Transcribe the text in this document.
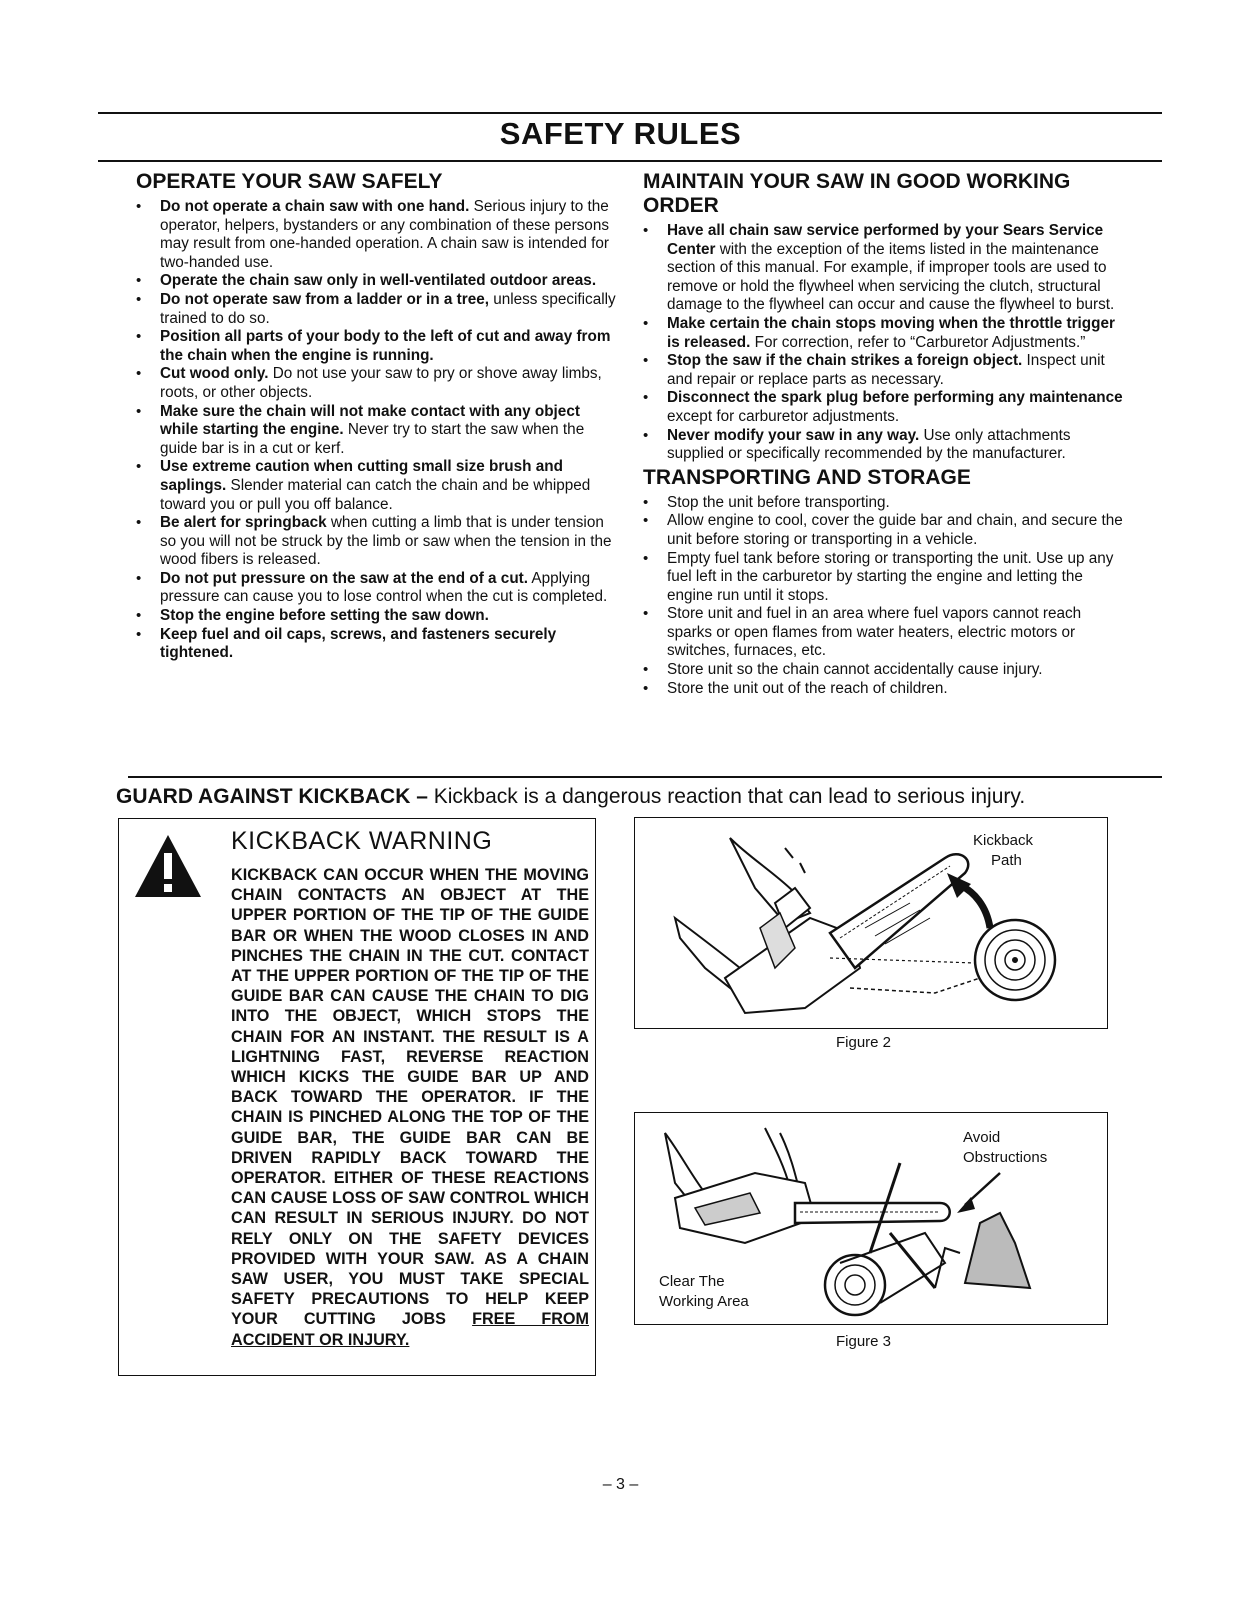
SAFETY RULES
OPERATE YOUR SAW SAFELY
• Do not operate a chain saw with one hand. Serious injury to the operator, helpers, bystanders or any combination of these persons may result from one-handed operation. A chain saw is intended for two-handed use.
• Operate the chain saw only in well-ventilated outdoor areas.
• Do not operate saw from a ladder or in a tree, unless specifically trained to do so.
• Position all parts of your body to the left of cut and away from the chain when the engine is running.
• Cut wood only. Do not use your saw to pry or shove away limbs, roots, or other objects.
• Make sure the chain will not make contact with any object while starting the engine. Never try to start the saw when the guide bar is in a cut or kerf.
• Use extreme caution when cutting small size brush and saplings. Slender material can catch the chain and be whipped toward you or pull you off balance.
• Be alert for springback when cutting a limb that is under tension so you will not be struck by the limb or saw when the tension in the wood fibers is released.
• Do not put pressure on the saw at the end of a cut. Applying pressure can cause you to lose control when the cut is completed.
• Stop the engine before setting the saw down.
• Keep fuel and oil caps, screws, and fasteners securely tightened.
MAINTAIN YOUR SAW IN GOOD WORKING ORDER
• Have all chain saw service performed by your Sears Service Center with the exception of the items listed in the maintenance section of this manual. For example, if improper tools are used to remove or hold the flywheel when servicing the clutch, structural damage to the flywheel can occur and cause the flywheel to burst.
• Make certain the chain stops moving when the throttle trigger is released. For correction, refer to “Carburetor Adjustments.”
• Stop the saw if the chain strikes a foreign object. Inspect unit and repair or replace parts as necessary.
• Disconnect the spark plug before performing any maintenance except for carburetor adjustments.
• Never modify your saw in any way. Use only attachments supplied or specifically recommended by the manufacturer.
TRANSPORTING AND STORAGE
• Stop the unit before transporting.
• Allow engine to cool, cover the guide bar and chain, and secure the unit before storing or transporting in a vehicle.
• Empty fuel tank before storing or transporting the unit. Use up any fuel left in the carburetor by starting the engine and letting the engine run until it stops.
• Store unit and fuel in an area where fuel vapors cannot reach sparks or open flames from water heaters, electric motors or switches, furnaces, etc.
• Store unit so the chain cannot accidentally cause injury.
• Store the unit out of the reach of children.
GUARD AGAINST KICKBACK – Kickback is a dangerous reaction that can lead to serious injury.
KICKBACK WARNING
KICKBACK CAN OCCUR WHEN THE MOVING CHAIN CONTACTS AN OBJECT AT THE UPPER PORTION OF THE TIP OF THE GUIDE BAR OR WHEN THE WOOD CLOSES IN AND PINCHES THE CHAIN IN THE CUT. CONTACT AT THE UPPER PORTION OF THE TIP OF THE GUIDE BAR CAN CAUSE THE CHAIN TO DIG INTO THE OBJECT, WHICH STOPS THE CHAIN FOR AN INSTANT. THE RESULT IS A LIGHTNING FAST, REVERSE REACTION WHICH KICKS THE GUIDE BAR UP AND BACK TOWARD THE OPERATOR. IF THE CHAIN IS PINCHED ALONG THE TOP OF THE GUIDE BAR, THE GUIDE BAR CAN BE DRIVEN RAPIDLY BACK TOWARD THE OPERATOR. EITHER OF THESE REACTIONS CAN CAUSE LOSS OF SAW CONTROL WHICH CAN RESULT IN SERIOUS INJURY. DO NOT RELY ONLY ON THE SAFETY DEVICES PROVIDED WITH YOUR SAW. AS A CHAIN SAW USER, YOU MUST TAKE SPECIAL SAFETY PRECAUTIONS TO HELP KEEP YOUR CUTTING JOBS FREE FROM ACCIDENT OR INJURY.
Kickback
Path
Figure 2
Avoid
Obstructions
Clear The
Working Area
Figure 3
– 3 –
